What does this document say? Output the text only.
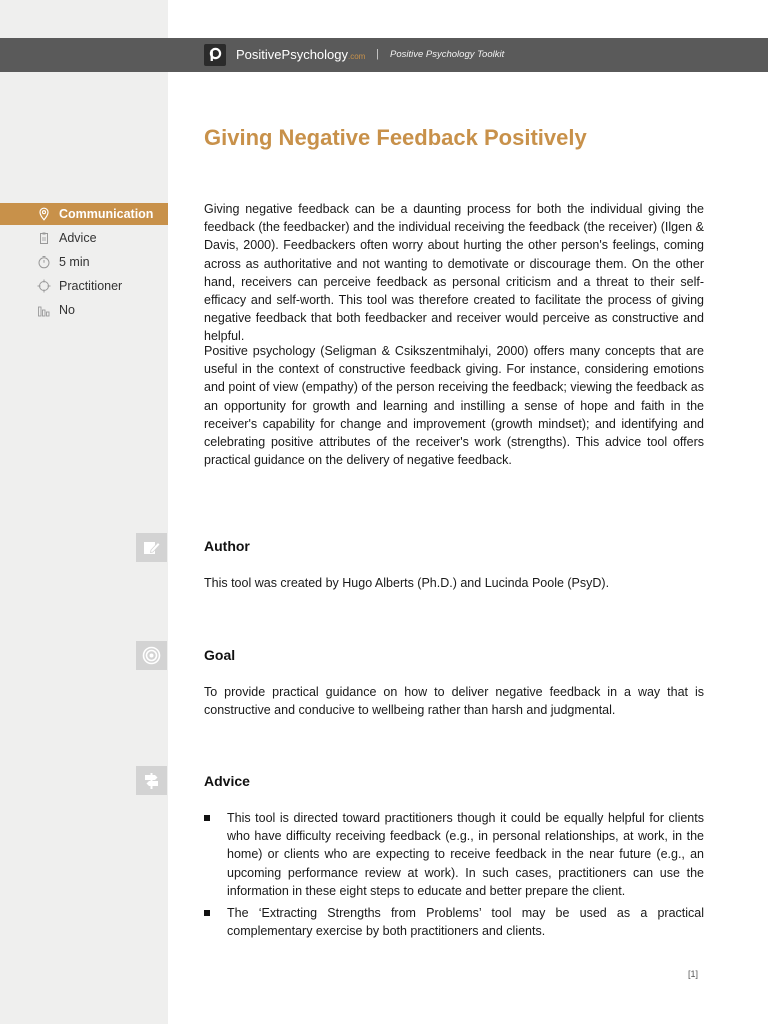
PositivePsychology.com | Positive Psychology Toolkit
Giving Negative Feedback Positively
Communication
Advice
5 min
Practitioner
No

Giving negative feedback can be a daunting process for both the individual giving the feedback (the feedbacker) and the individual receiving the feedback (the receiver) (Ilgen & Davis, 2000). Feedbackers often worry about hurting the other person's feelings, coming across as authoritative and not wanting to demotivate or discourage them. On the other hand, receivers can perceive feedback as personal criticism and a threat to their self-efficacy and self-worth. This tool was therefore created to facilitate the process of giving negative feedback that both feedbacker and receiver would perceive as constructive and helpful.

Positive psychology (Seligman & Csikszentmihalyi, 2000) offers many concepts that are useful in the context of constructive feedback giving. For instance, considering emotions and point of view (empathy) of the person receiving the feedback; viewing the feedback as an opportunity for growth and learning and instilling a sense of hope and faith in the receiver's capability for change and improvement (growth mindset); and identifying and celebrating positive attributes of the receiver's work (strengths). This advice tool offers practical guidance on the delivery of negative feedback.

Author

This tool was created by Hugo Alberts (Ph.D.) and Lucinda Poole (PsyD).

Goal

To provide practical guidance on how to deliver negative feedback in a way that is constructive and conducive to wellbeing rather than harsh and judgmental.

Advice
This tool is directed toward practitioners though it could be equally helpful for clients who have difficulty receiving feedback (e.g., in personal relationships, at work, in the home) or clients who are expecting to receive feedback in the near future (e.g., an upcoming performance review at work). In such cases, practitioners can use the information in these eight steps to educate and better prepare the client.
The ‘Extracting Strengths from Problems’ tool may be used as a practical complementary exercise by both practitioners and clients.
[1]
